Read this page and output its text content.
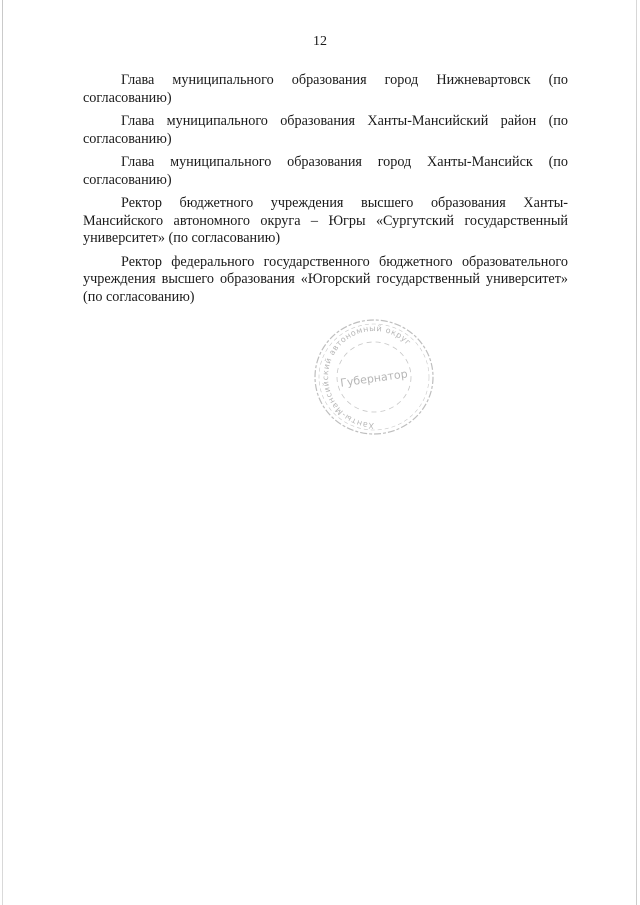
12

Глава муниципального образования город Нижневартовск (по согласованию)

Глава муниципального образования Ханты-Мансийский район (по согласованию)

Глава муниципального образования город Ханты-Мансийск (по согласованию)

Ректор бюджетного учреждения высшего образования Ханты-Мансийского автономного округа – Югры «Сургутский государственный университет» (по согласованию)

Ректор федерального государственного бюджетного образовательного учреждения высшего образования «Югорский государственный университет» (по согласованию)

Ханты-Мансийский автономный округ
Губернатор
